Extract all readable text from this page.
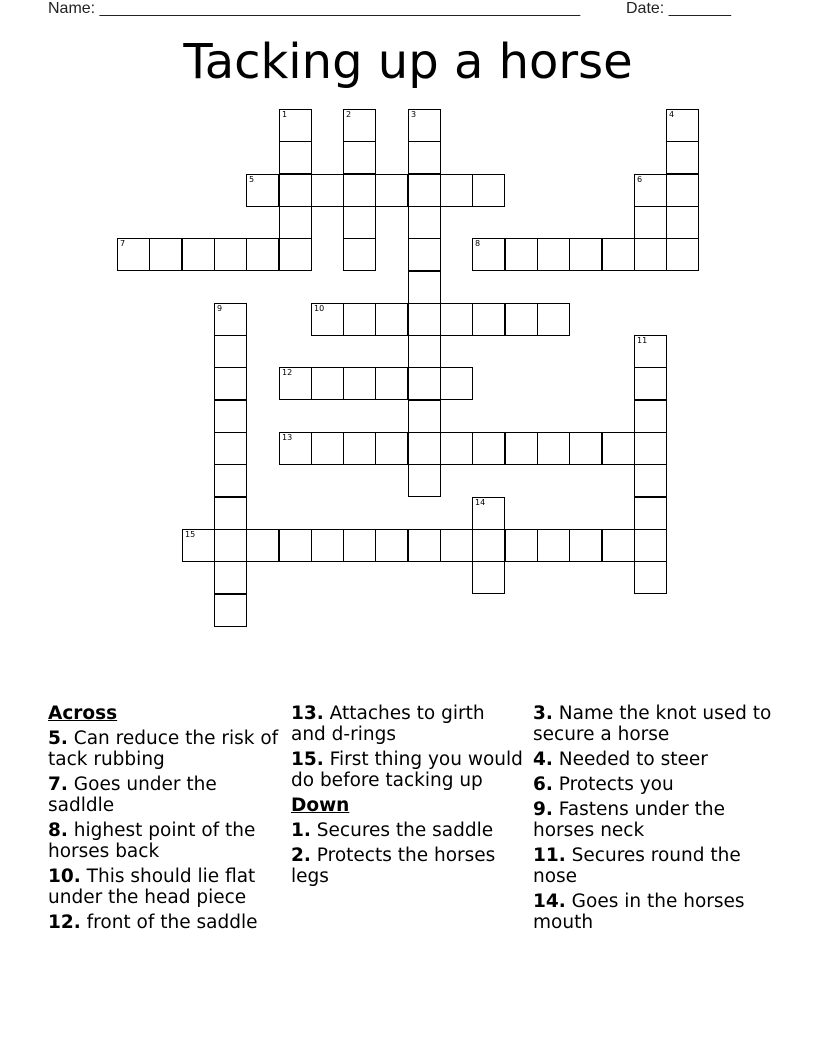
Name: ______________________________________________________	Date: _______
Tacking up a horse
1	2	3	4
5	6
7	8
9	10
11
12
13
14
15
Across
5. Can reduce the risk of tack rubbing
7. Goes under the sadldle
8. highest point of the horses back
10. This should lie flat under the head piece
12. front of the saddle
13. Attaches to girth and d-rings
15. First thing you would do before tacking up
Down
1. Secures the saddle
2. Protects the horses legs
3. Name the knot used to secure a horse
4. Needed to steer
6. Protects you
9. Fastens under the horses neck
11. Secures round the nose
14. Goes in the horses mouth
